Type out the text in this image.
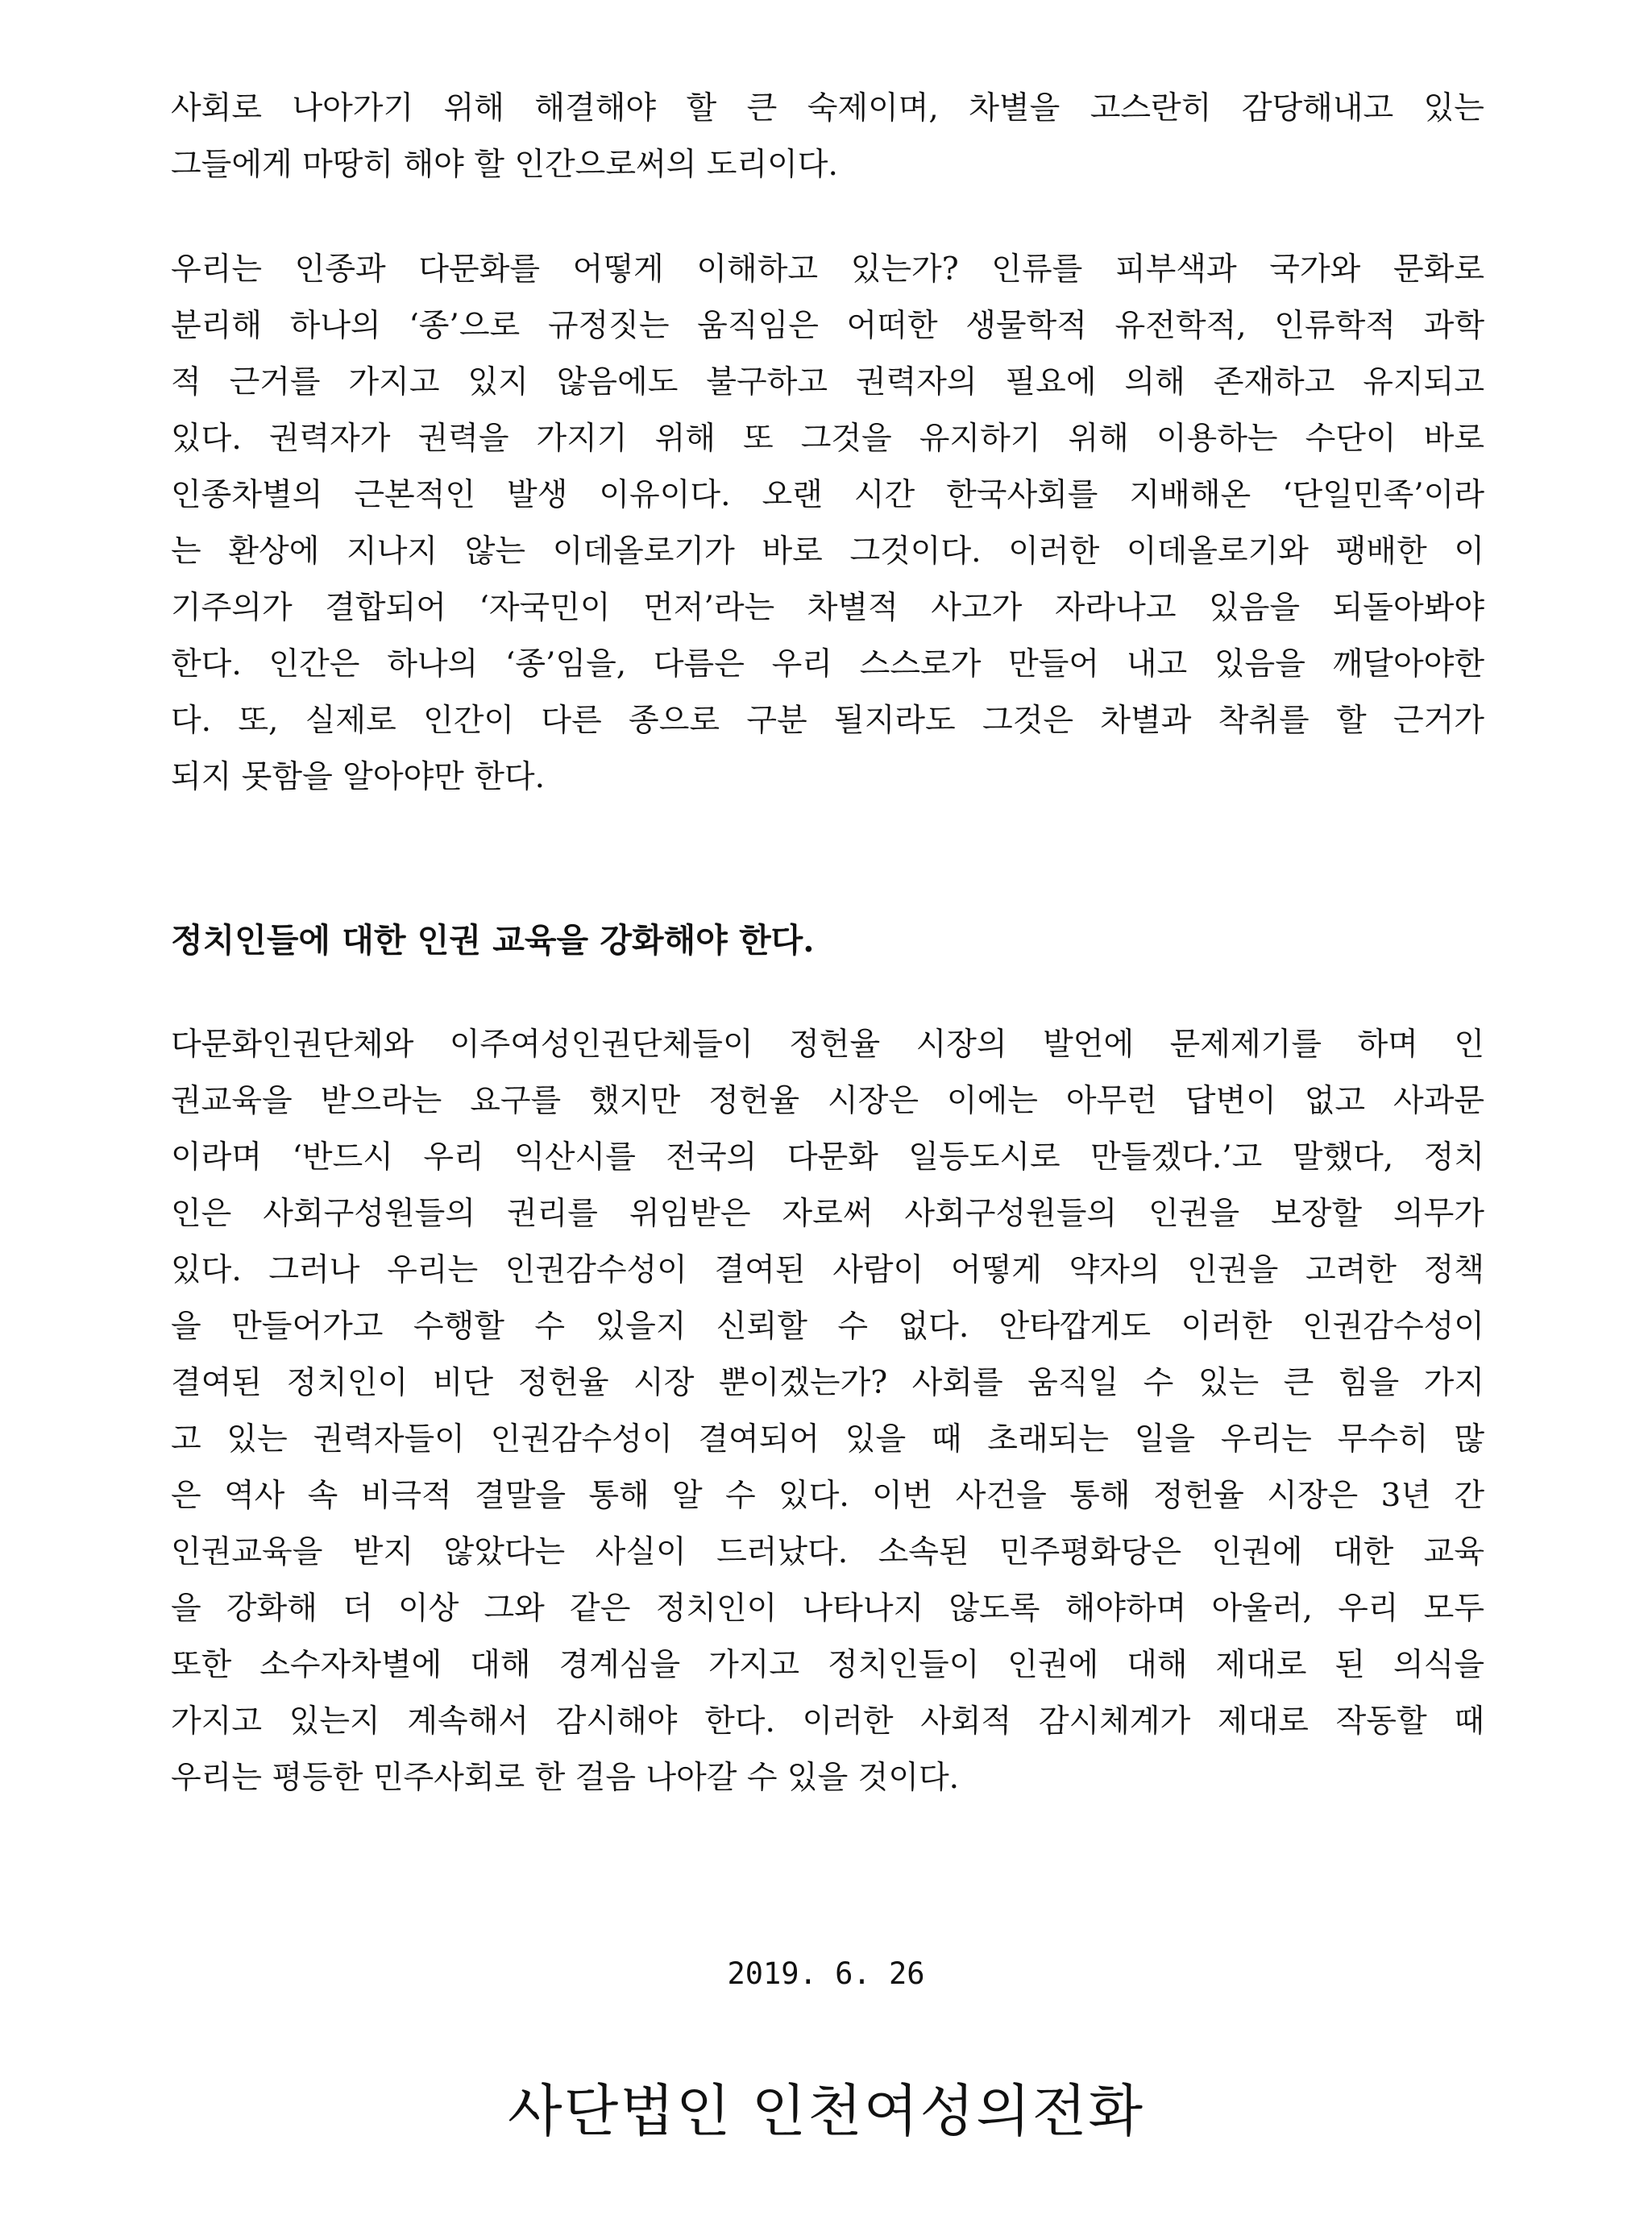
사회로 나아가기 위해 해결해야 할 큰 숙제이며, 차별을 고스란히 감당해내고 있는
그들에게 마땅히 해야 할 인간으로써의 도리이다.
우리는 인종과 다문화를 어떻게 이해하고 있는가? 인류를 피부색과 국가와 문화로
분리해 하나의 ‘종’으로 규정짓는 움직임은 어떠한 생물학적 유전학적, 인류학적 과학
적 근거를 가지고 있지 않음에도 불구하고 권력자의 필요에 의해 존재하고 유지되고
있다. 권력자가 권력을 가지기 위해 또 그것을 유지하기 위해 이용하는 수단이 바로
인종차별의 근본적인 발생 이유이다. 오랜 시간 한국사회를 지배해온 ‘단일민족’이라
는 환상에 지나지 않는 이데올로기가 바로 그것이다. 이러한 이데올로기와 팽배한 이
기주의가 결합되어 ‘자국민이 먼저’라는 차별적 사고가 자라나고 있음을 되돌아봐야
한다. 인간은 하나의 ‘종’임을, 다름은 우리 스스로가 만들어 내고 있음을 깨달아야한
다. 또, 실제로 인간이 다른 종으로 구분 될지라도 그것은 차별과 착취를 할 근거가
되지 못함을 알아야만 한다.
정치인들에 대한 인권 교육을 강화해야 한다.
다문화인권단체와 이주여성인권단체들이 정헌율 시장의 발언에 문제제기를 하며 인
권교육을 받으라는 요구를 했지만 정헌율 시장은 이에는 아무런 답변이 없고 사과문
이라며 ‘반드시 우리 익산시를 전국의 다문화 일등도시로 만들겠다.’고 말했다, 정치
인은 사회구성원들의 권리를 위임받은 자로써 사회구성원들의 인권을 보장할 의무가
있다. 그러나 우리는 인권감수성이 결여된 사람이 어떻게 약자의 인권을 고려한 정책
을 만들어가고 수행할 수 있을지 신뢰할 수 없다. 안타깝게도 이러한 인권감수성이
결여된 정치인이 비단 정헌율 시장 뿐이겠는가? 사회를 움직일 수 있는 큰 힘을 가지
고 있는 권력자들이 인권감수성이 결여되어 있을 때 초래되는 일을 우리는 무수히 많
은 역사 속 비극적 결말을 통해 알 수 있다. 이번 사건을 통해 정헌율 시장은 3년 간
인권교육을 받지 않았다는 사실이 드러났다. 소속된 민주평화당은 인권에 대한 교육
을 강화해 더 이상 그와 같은 정치인이 나타나지 않도록 해야하며 아울러, 우리 모두
또한 소수자차별에 대해 경계심을 가지고 정치인들이 인권에 대해 제대로 된 의식을
가지고 있는지 계속해서 감시해야 한다. 이러한 사회적 감시체계가 제대로 작동할 때
우리는 평등한 민주사회로 한 걸음 나아갈 수 있을 것이다.
2019. 6. 26
사단법인 인천여성의전화
